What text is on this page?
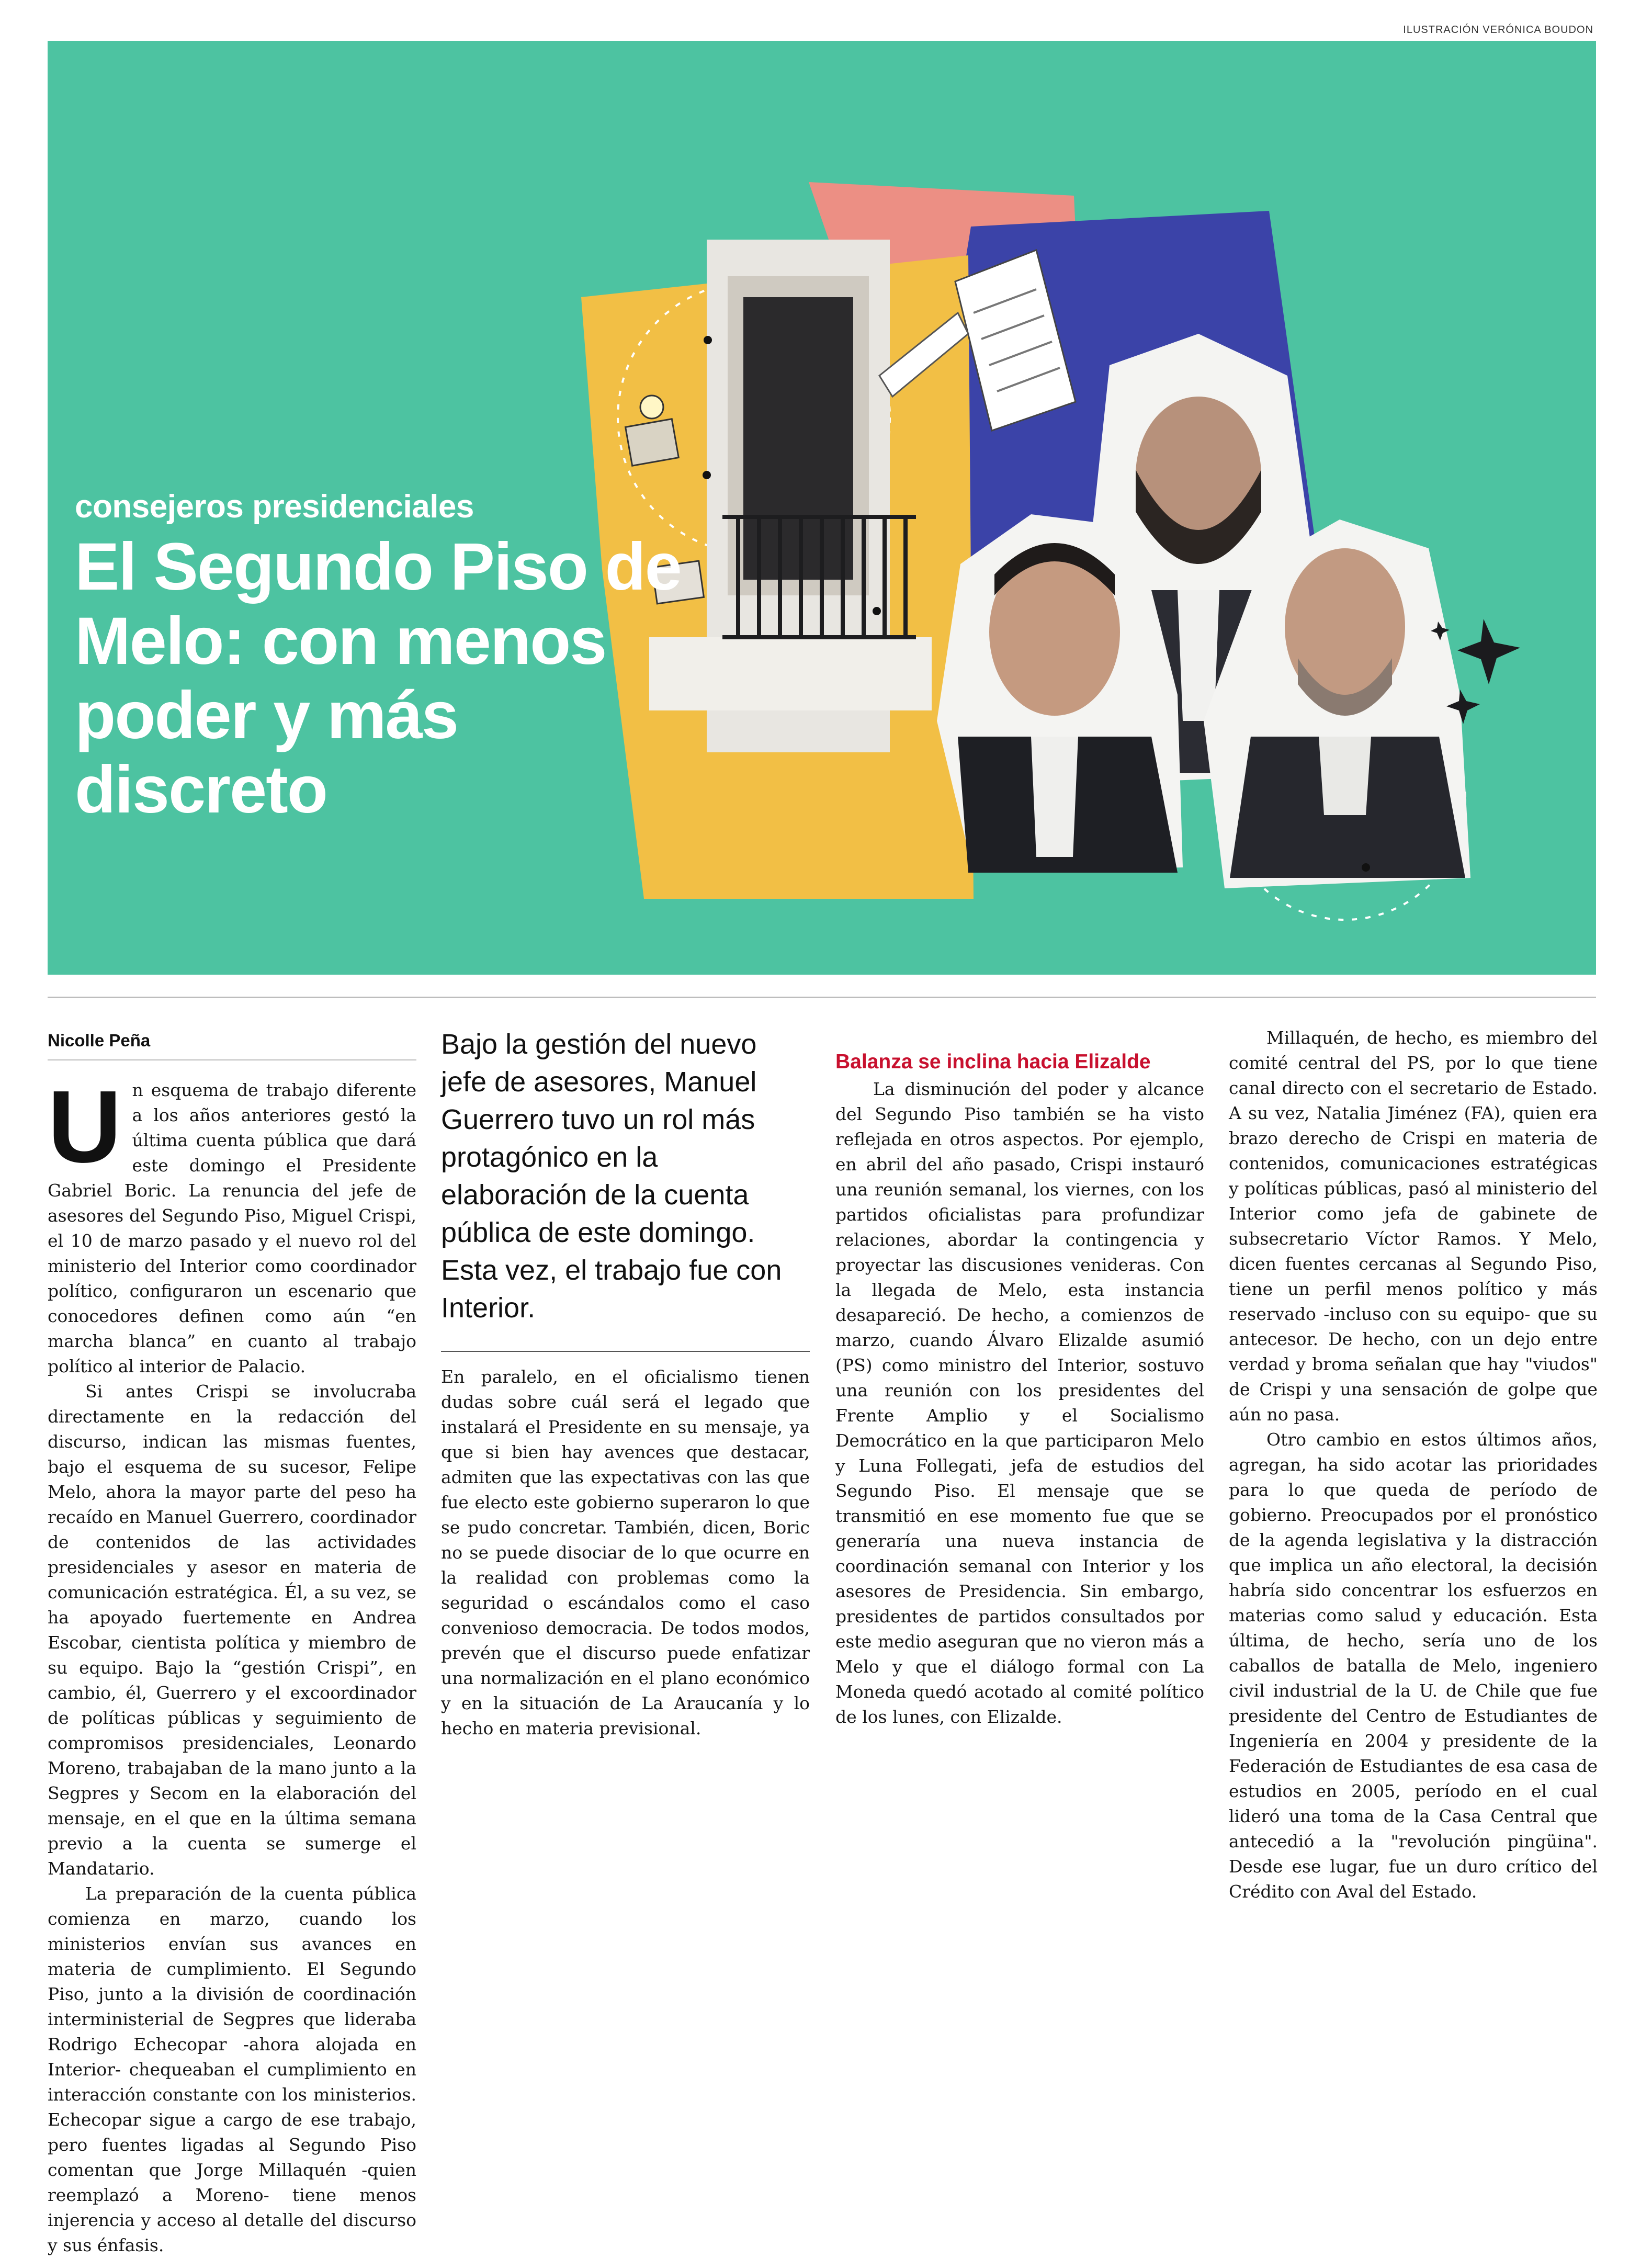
ILUSTRACIÓN VERÓNICA BOUDON
consejeros presidenciales
El Segundo Piso de Melo: con menos poder y más discreto
Nicolle Peña

Un esquema de trabajo diferente a los años anteriores gestó la última cuenta pública que dará este domingo el Presidente Gabriel Boric. La renuncia del jefe de asesores del Segundo Piso, Miguel Crispi, el 10 de marzo pasado y el nuevo rol del ministerio del Interior como coordinador político, configuraron un escenario que conocedores definen como aún “en marcha blanca” en cuanto al trabajo político al interior de Palacio.

Si antes Crispi se involucraba directamente en la redacción del discurso, indican las mismas fuentes, bajo el esquema de su sucesor, Felipe Melo, ahora la mayor parte del peso ha recaído en Manuel Guerrero, coordinador de contenidos de las actividades presidenciales y asesor en materia de comunicación estratégica. Él, a su vez, se ha apoyado fuertemente en Andrea Escobar, cientista política y miembro de su equipo. Bajo la “gestión Crispi”, en cambio, él, Guerrero y el excoordinador de políticas públicas y seguimiento de compromisos presidenciales, Leonardo Moreno, trabajaban de la mano junto a la Segpres y Secom en la elaboración del mensaje, en el que en la última semana previo a la cuenta se sumerge el Mandatario.

La preparación de la cuenta pública comienza en marzo, cuando los ministerios envían sus avances en materia de cumplimiento. El Segundo Piso, junto a la división de coordinación interministerial de Segpres que lideraba Rodrigo Echecopar -ahora alojada en Interior- chequeaban el cumplimiento en interacción constante con los ministerios. Echecopar sigue a cargo de ese trabajo, pero fuentes ligadas al Segundo Piso comentan que Jorge Millaquén -quien reemplazó a Moreno- tiene menos injerencia y acceso al detalle del discurso y sus énfasis.

Bajo la gestión del nuevo jefe de asesores, Manuel Guerrero tuvo un rol más protagónico en la elaboración de la cuenta pública de este domingo. Esta vez, el trabajo fue con Interior.

En paralelo, en el oficialismo tienen dudas sobre cuál será el legado que instalará el Presidente en su mensaje, ya que si bien hay avences que destacar, admiten que las expectativas con las que fue electo este gobierno superaron lo que se pudo concretar. También, dicen, Boric no se puede disociar de lo que ocurre en la realidad con problemas como la seguridad o escándalos como el caso convenioso democracia. De todos modos, prevén que el discurso puede enfatizar una normalización en el plano económico y en la situación de La Araucanía y lo hecho en materia previsional.

Balanza se inclina hacia Elizalde

La disminución del poder y alcance del Segundo Piso también se ha visto reflejada en otros aspectos. Por ejemplo, en abril del año pasado, Crispi instauró una reunión semanal, los viernes, con los partidos oficialistas para profundizar relaciones, abordar la contingencia y proyectar las discusiones venideras. Con la llegada de Melo, esta instancia desapareció. De hecho, a comienzos de marzo, cuando Álvaro Elizalde asumió (PS) como ministro del Interior, sostuvo una reunión con los presidentes del Frente Amplio y el Socialismo Democrático en la que participaron Melo y Luna Follegati, jefa de estudios del Segundo Piso. El mensaje que se transmitió en ese momento fue que se generaría una nueva instancia de coordinación semanal con Interior y los asesores de Presidencia. Sin embargo, presidentes de partidos consultados por este medio aseguran que no vieron más a Melo y que el diálogo formal con La Moneda quedó acotado al comité político de los lunes, con Elizalde.

Millaquén, de hecho, es miembro del comité central del PS, por lo que tiene canal directo con el secretario de Estado. A su vez, Natalia Jiménez (FA), quien era brazo derecho de Crispi en materia de contenidos, comunicaciones estratégicas y políticas públicas, pasó al ministerio del Interior como jefa de gabinete de subsecretario Víctor Ramos. Y Melo, dicen fuentes cercanas al Segundo Piso, tiene un perfil menos político y más reservado -incluso con su equipo- que su antecesor. De hecho, con un dejo entre verdad y broma señalan que hay "viudos" de Crispi y una sensación de golpe que aún no pasa.

Otro cambio en estos últimos años, agregan, ha sido acotar las prioridades para lo que queda de período de gobierno. Preocupados por el pronóstico de la agenda legislativa y la distracción que implica un año electoral, la decisión habría sido concentrar los esfuerzos en materias como salud y educación. Esta última, de hecho, sería uno de los caballos de batalla de Melo, ingeniero civil industrial de la U. de Chile que fue presidente del Centro de Estudiantes de Ingeniería en 2004 y presidente de la Federación de Estudiantes de esa casa de estudios en 2005, período en el cual lideró una toma de la Casa Central que antecedió a la "revolución pingüina". Desde ese lugar, fue un duro crítico del Crédito con Aval del Estado.
